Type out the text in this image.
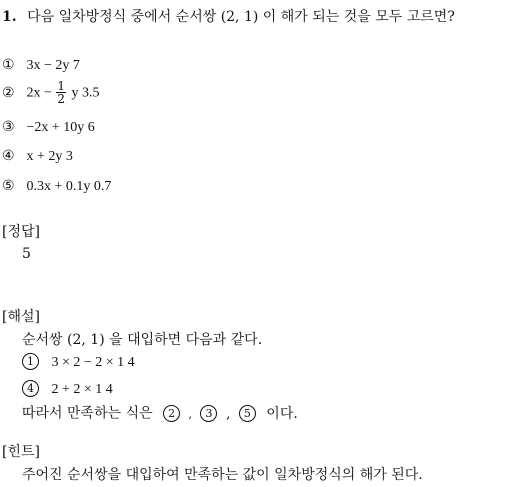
1. 다음 일차방정식 중에서 순서쌍 (2, 1) 이 해가 되는 것을 모두 고르면?
① 3x − 2y 7
② $2x - \frac{1}{2}$ y 3.5
③ −2x + 10y 6
④ x + 2y 3
⑤ 0.3x + 0.1y 0.7
[정답]
5
[해설]
순서쌍 (2, 1) 을 대입하면 다음과 같다.
1 3 × 2 − 2 × 1 4
4 2 + 2 × 1 4
따라서 만족하는 식은 2 , 3 , 5 이다.
[힌트]
주어진 순서쌍을 대입하여 만족하는 값이 일차방정식의 해가 된다.
